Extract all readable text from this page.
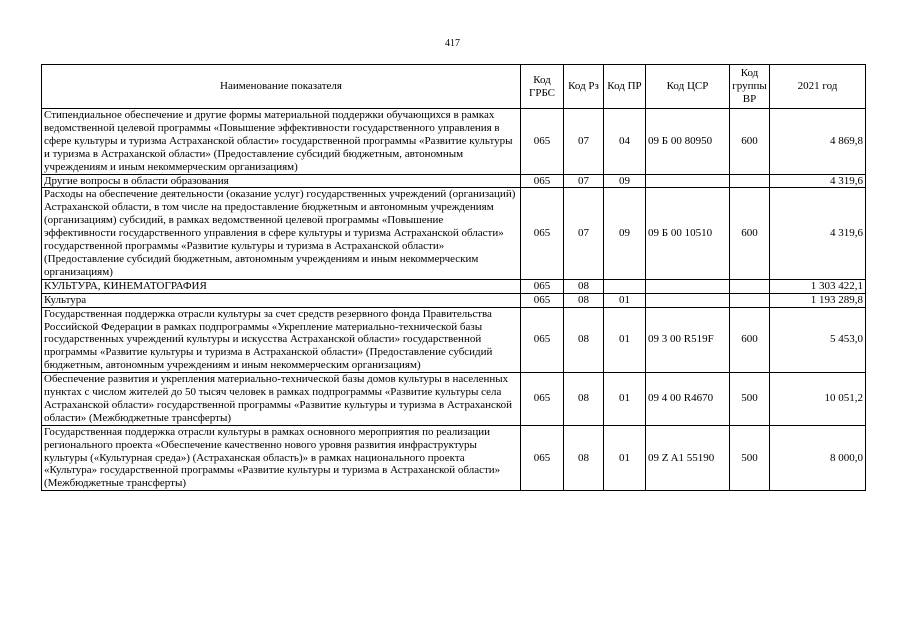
417
Наименование показателя	Код ГРБС	Код Рз	Код ПР	Код ЦСР	Код группы ВР	2021 год
Стипендиальное обеспечение и другие формы материальной поддержки обучающихся в рамках ведомственной целевой программы «Повышение эффективности государственного управления в сфере культуры и туризма Астраханской области» государственной программы «Развитие культуры и туризма в Астраханской области» (Предоставление субсидий бюджетным, автономным учреждениям и иным некоммерческим организациям)	065	07	04	09 Б 00 80950	600	4 869,8
Другие вопросы в области образования	065	07	09			4 319,6
Расходы на обеспечение деятельности (оказание услуг) государственных учреждений (организаций) Астраханской области, в том числе на предоставление бюджетным и автономным учреждениям (организациям) субсидий, в рамках ведомственной целевой программы «Повышение эффективности государственного управления в сфере культуры и туризма Астраханской области» государственной программы «Развитие культуры и туризма в Астраханской области» (Предоставление субсидий бюджетным, автономным учреждениям и иным некоммерческим организациям)	065	07	09	09 Б 00 10510	600	4 319,6
КУЛЬТУРА, КИНЕМАТОГРАФИЯ	065	08				1 303 422,1
Культура	065	08	01			1 193 289,8
Государственная поддержка отрасли культуры за счет средств резервного фонда Правительства Российской Федерации в рамках подпрограммы «Укрепление материально-технической базы государственных учреждений культуры и искусства Астраханской области» государственной программы «Развитие культуры и туризма в Астраханской области» (Предоставление субсидий бюджетным, автономным учреждениям и иным некоммерческим организациям)	065	08	01	09 3 00 R519F	600	5 453,0
Обеспечение развития и укрепления материально-технической базы домов культуры в населенных пунктах с числом жителей до 50 тысяч человек в рамках подпрограммы «Развитие культуры села Астраханской области» государственной программы «Развитие культуры и туризма в Астраханской области» (Межбюджетные трансферты)	065	08	01	09 4 00 R4670	500	10 051,2
Государственная поддержка отрасли культуры в рамках основного мероприятия по реализации регионального проекта «Обеспечение качественно нового уровня развития инфраструктуры культуры («Культурная среда») (Астраханская область)» в рамках национального проекта «Культура» государственной программы «Развитие культуры и туризма в Астраханской области» (Межбюджетные трансферты)	065	08	01	09 Z A1 55190	500	8 000,0
